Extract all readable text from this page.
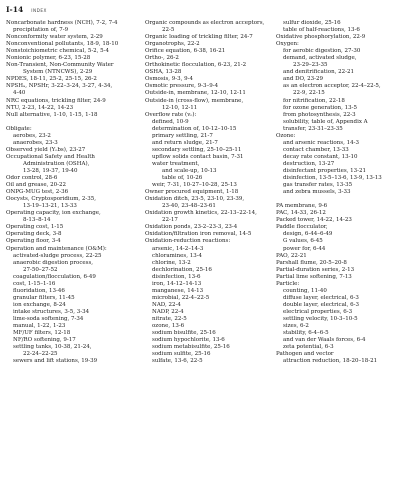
I-14 INDEX
Noncarbonate hardness (NCH), 7-2, 7-4
precipitation of, 7-9
Nonconformity water system, 2-29
Nonconventional pollutants, 18-9, 18-10
Nonstoichiometric chemical, 5-2, 5-4
Nonionic polymer, 6-23, 15-28
Non-Transient, Non-Community Water
System (NTNCWS), 2-29
NPDES, 18-11, 25-2, 25-15, 26-2
NPSHₐ, NPSHr, 3-22–3-24, 3-27, 4-34,
4-40
NRC equations, trickling filter, 24-9
NTU, 2-23, 14-22, 14-23
Null alternative, 1-10, 1-15, 1-18
Obligate:
aerobes, 23-2
anaerobes, 23-3
Observed yield (Yₒbs), 23-27
Occupational Safety and Health
Administration (OSHA),
13-28, 19-37, 19-40
Odor control, 28-6
Oil and grease, 20-22
ONPG-MUG test, 2-36
Oocysts, Cryptosporidium, 2-35,
13-19–13-21, 13-33
Operating capacity, ion exchange,
8-13–8-14
Operating cost, 1-15
Operating deck, 3-8
Operating floor, 3-4
Operation and maintenance (O&M):
activated-sludge process, 22-25
anaerobic digestion process,
27-50–27-52
coagulation/flocculation, 6-49
cost, 1-15–1-16
fluoridation, 13-46
granular filters, 11-45
ion exchange, 8-24
intake structures, 3-5, 3-34
lime-soda softening, 7-34
manual, 1-22, 1-23
MF/UF filters, 12-18
NF/RO softening, 9-17
settling tanks, 10-38, 21-24,
22-24–22-25
sewers and lift stations, 19-39
Organic compounds as electron acceptors,
22-5
Organic loading of trickling filter, 24-7
Organotrophs, 22-2
Orifice equation, 6-38, 16-21
Ortho-, 26-2
Orthokinetic flocculation, 6-23, 21-2
OSHA, 13-28
Osmosis, 9-3, 9-4
Osmotic pressure, 9-3–9-4
Outside-in, membrane, 12-10, 12-11
Outside-in (cross-flow), membrane,
12-10, 12-11
Overflow rate (vₒ):
defined, 10-9
determination of, 10-12–10-15
primary settling, 21-7
and return sludge, 21-7
secondary settling, 25-10–25-11
upflow solids contact basin, 7-31
water treatment,
and scale-up, 10-13
table of, 10-26
weir, 7-31, 10-27–10-28, 25-13
Owner procured equipment, 1-18
Oxidation ditch, 23-5, 23-10, 23-39,
23-40, 23-48–23-61
Oxidation growth kinetics, 22-13–22-14,
22-17
Oxidation ponds, 23-2–23-3, 23-4
Oxidation/filtration iron removal, 14-5
Oxidation-reduction reactions:
arsenic, 14-2–14-3
chloramines, 13-4
chlorine, 13-2
dechlorination, 25-16
disinfection, 13-6
iron, 14-12–14-13
manganese, 14-13
microbial, 22-4–22-5
NAD, 22-4
NADP, 22-4
nitrate, 22-5
ozone, 13-6
sodium bisulfite, 25-16
sodium hypochlorite, 13-6
sodium metabisulfite, 25-16
sodium sulfite, 25-16
sulfate, 13-6, 22-5
sulfur dioxide, 25-16
table of half-reactions, 13-6
Oxidative phosphorylation, 22-9
Oxygen:
for aerobic digestion, 27-30
demand, activated sludge,
23-29–23-35
and denitrification, 22-21
and DO, 23-29
as an electron acceptor, 22-4–22-5,
22-9, 22-15
for nitrification, 22-18
for ozone generation, 13-5
from photosynthesis, 22-3
solubility, table of, Appendix A
transfer, 23-31–23-35
Ozone:
and arsenic reactions, 14-3
contact chamber, 13-33
decay rate constant, 13-10
destruction, 13-27
disinfectant properties, 13-21
disinfection, 13-5–13-6, 13-9, 13-13
gas transfer rates, 13-35
and zebra mussels, 3-33
PA membrane, 9-6
PAC, 14-33, 26-12
Packed tower, 14-22, 14-23
Paddle flocculator,
design, 6-44–6-49
G values, 6-45
power for, 6-44
PAO, 22-21
Parshall flume, 20-5–20-8
Partial-duration series, 2-13
Partial lime softening, 7-13
Particle:
counting, 11-40
diffuse layer, electrical, 6-3
double layer, electrical, 6-3
electrical properties, 6-3
settling velocity, 10-3–10-5
sizes, 6-2
stability, 6-4–6-5
and van der Waals forces, 6-4
zeta potential, 6-3
Pathogen and vector
attraction reduction, 18-20–18-21
